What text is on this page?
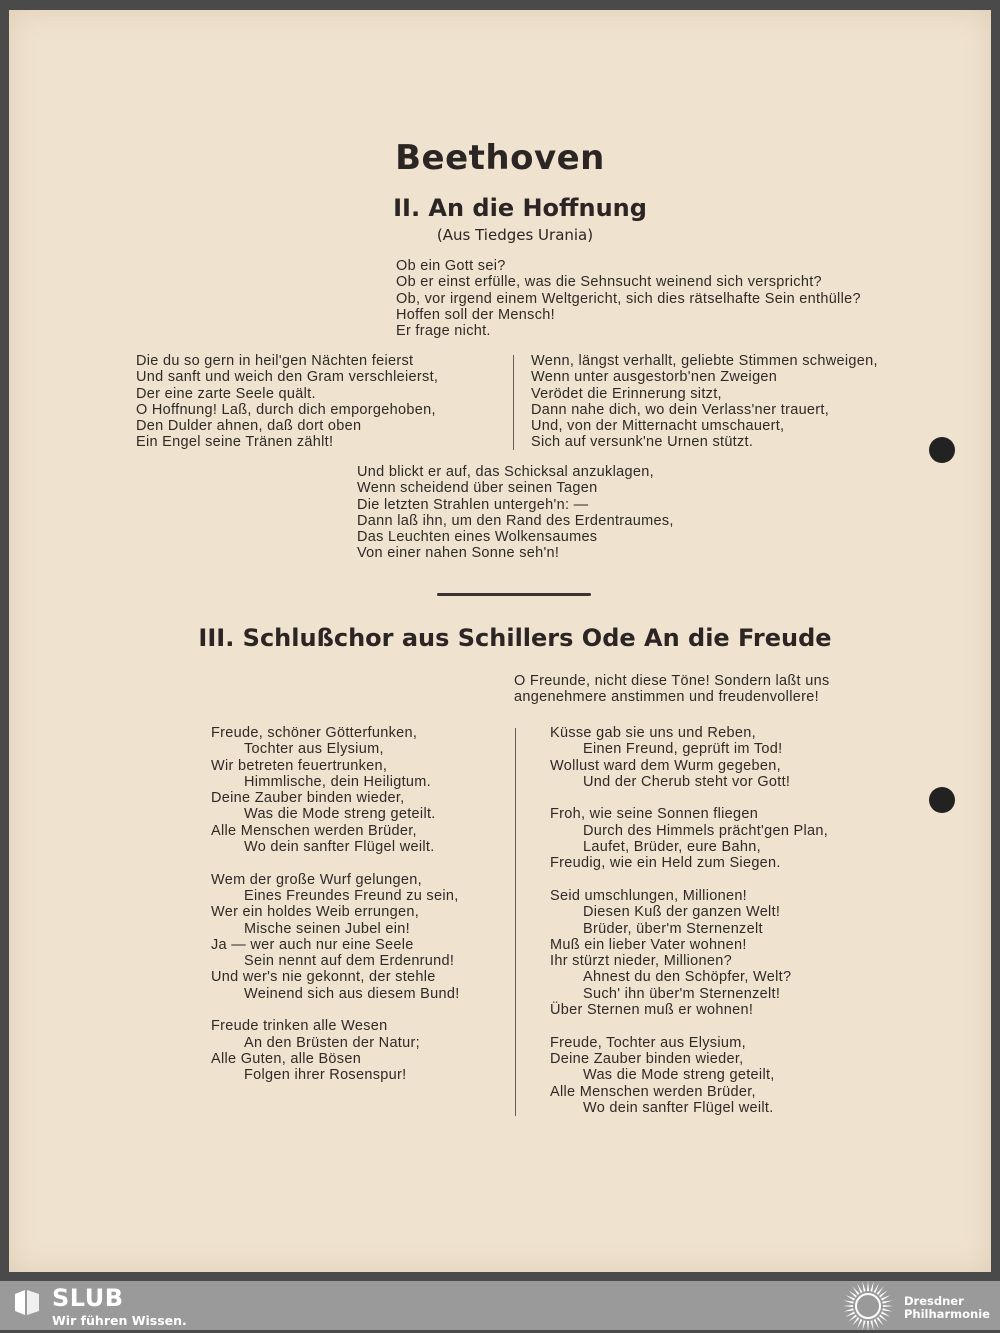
Beethoven
II. An die Hoffnung
(Aus Tiedges Urania)
Ob ein Gott sei?
Ob er einst erfülle, was die Sehnsucht weinend sich verspricht?
Ob, vor irgend einem Weltgericht, sich dies rätselhafte Sein enthülle?
Hoffen soll der Mensch!
Er frage nicht.
Die du so gern in heil'gen Nächten feierst
Und sanft und weich den Gram verschleierst,
Der eine zarte Seele quält.
O Hoffnung! Laß, durch dich emporgehoben,
Den Dulder ahnen, daß dort oben
Ein Engel seine Tränen zählt!
Wenn, längst verhallt, geliebte Stimmen schweigen,
Wenn unter ausgestorb'nen Zweigen
Verödet die Erinnerung sitzt,
Dann nahe dich, wo dein Verlass'ner trauert,
Und, von der Mitternacht umschauert,
Sich auf versunk'ne Urnen stützt.
Und blickt er auf, das Schicksal anzuklagen,
Wenn scheidend über seinen Tagen
Die letzten Strahlen untergeh'n: —
Dann laß ihn, um den Rand des Erdentraumes,
Das Leuchten eines Wolkensaumes
Von einer nahen Sonne seh'n!
III. Schlußchor aus Schillers Ode An die Freude
O Freunde, nicht diese Töne! Sondern laßt uns
angenehmere anstimmen und freudenvollere!
Freude, schöner Götterfunken,
Tochter aus Elysium,
Wir betreten feuertrunken,
Himmlische, dein Heiligtum.
Deine Zauber binden wieder,
Was die Mode streng geteilt.
Alle Menschen werden Brüder,
Wo dein sanfter Flügel weilt.
Wem der große Wurf gelungen,
Eines Freundes Freund zu sein,
Wer ein holdes Weib errungen,
Mische seinen Jubel ein!
Ja — wer auch nur eine Seele
Sein nennt auf dem Erdenrund!
Und wer's nie gekonnt, der stehle
Weinend sich aus diesem Bund!
Freude trinken alle Wesen
An den Brüsten der Natur;
Alle Guten, alle Bösen
Folgen ihrer Rosenspur!
Küsse gab sie uns und Reben,
Einen Freund, geprüft im Tod!
Wollust ward dem Wurm gegeben,
Und der Cherub steht vor Gott!
Froh, wie seine Sonnen fliegen
Durch des Himmels prächt'gen Plan,
Laufet, Brüder, eure Bahn,
Freudig, wie ein Held zum Siegen.
Seid umschlungen, Millionen!
Diesen Kuß der ganzen Welt!
Brüder, über'm Sternenzelt
Muß ein lieber Vater wohnen!
Ihr stürzt nieder, Millionen?
Ahnest du den Schöpfer, Welt?
Such' ihn über'm Sternenzelt!
Über Sternen muß er wohnen!
Freude, Tochter aus Elysium,
Deine Zauber binden wieder,
Was die Mode streng geteilt,
Alle Menschen werden Brüder,
Wo dein sanfter Flügel weilt.
SLUB
Wir führen Wissen.
Dresdner
Philharmonie
